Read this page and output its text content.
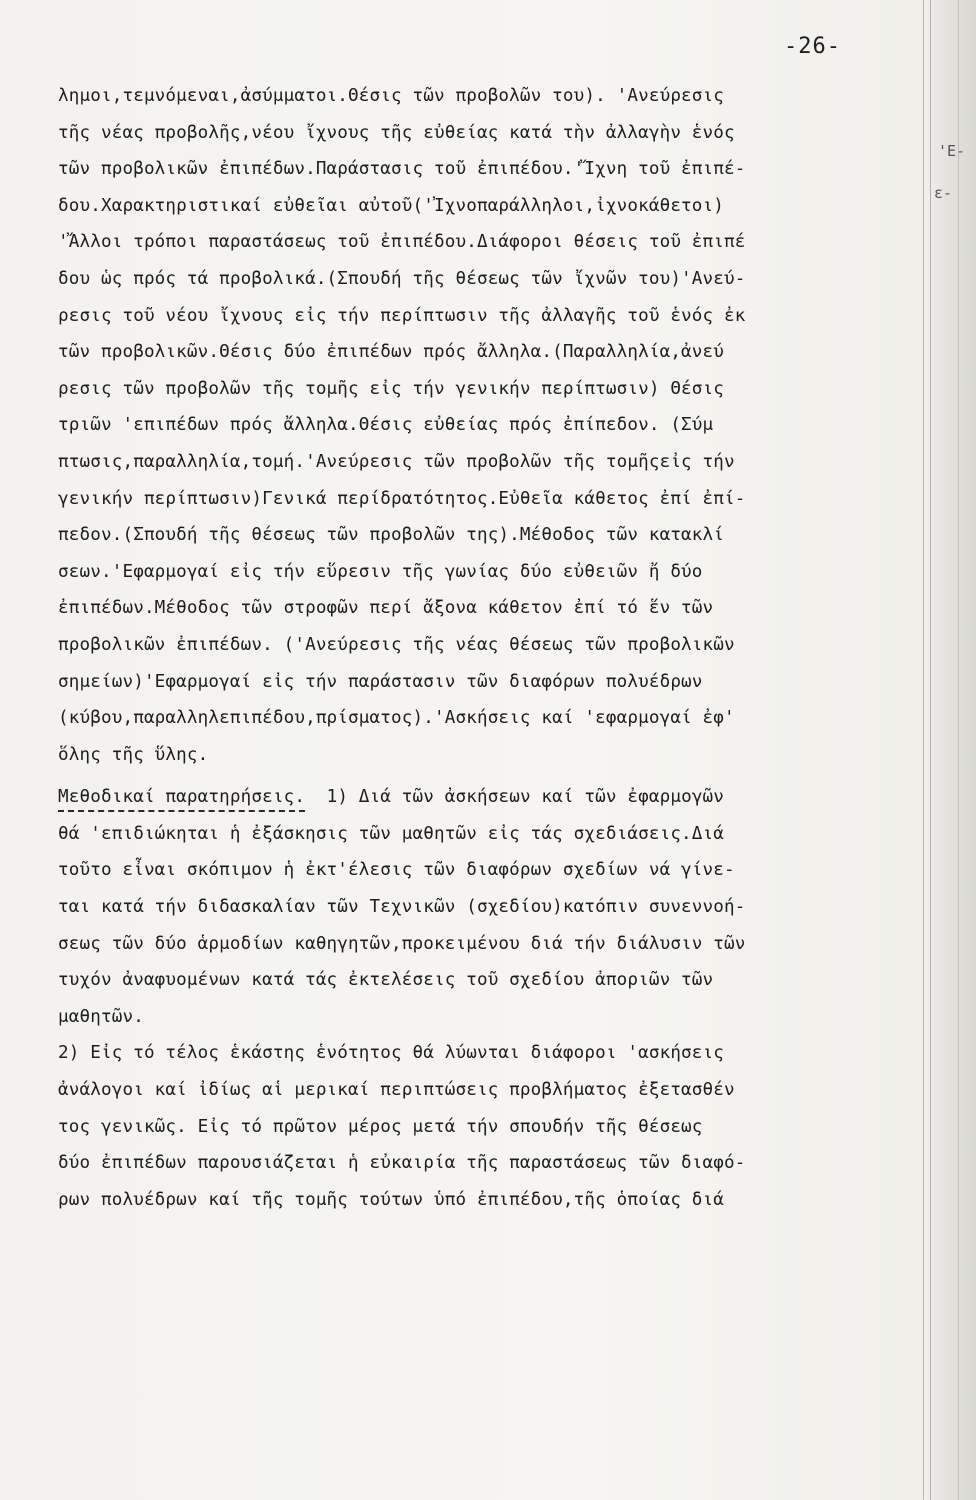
-26-
'Ε-
ε-
λημοι,τεμνόμεναι,ἀσύμματοι.Θέσις τῶν προβολῶν του). 'Ανεύρεσις
τῆς νέας προβολῆς,νέου ἴχνους τῆς εὐθείας κατά τὴν ἀλλαγὴν ἑνός
τῶν προβολικῶν ἐπιπέδων.Παράστασις τοῦ ἐπιπέδου.'Ἴχνη τοῦ ἐπιπέ-
δου.Χαρακτηριστικαί εὐθεῖαι αὐτοῦ('Ἰχνοπαράλληλοι,ἰχνοκάθετοι)
'Ἄλλοι τρόποι παραστάσεως τοῦ ἐπιπέδου.Διάφοροι θέσεις τοῦ ἐπιπέ
δου ὡς πρός τά προβολικά.(Σπουδή τῆς θέσεως τῶν ἴχνῶν του)'Ανεύ-
ρεσις τοῦ νέου ἴχνους εἰς τήν περίπτωσιν τῆς ἀλλαγῆς τοῦ ἑνός ἐκ
τῶν προβολικῶν.Θέσις δύο ἐπιπέδων πρός ἄλληλα.(Παραλληλία,ἀνεύ
ρεσις τῶν προβολῶν τῆς τομῆς εἰς τήν γενικήν περίπτωσιν) Θέσις
τριῶν 'επιπέδων πρός ἄλληλα.Θέσις εὐθείας πρός ἐπίπεδον. (Σύμ
πτωσις,παραλληλία,τομή.'Ανεύρεσις τῶν προβολῶν τῆς τομῆςεἰς τήν
γενικήν περίπτωσιν)Γενικά περίδρατότητος.Εὐθεῖα κάθετος ἐπί ἐπί-
πεδον.(Σπουδή τῆς θέσεως τῶν προβολῶν της).Μέθοδος τῶν κατακλί
σεων.'Εφαρμογαί εἰς τήν εὕρεσιν τῆς γωνίας δύο εὐθειῶν ἤ δύο
ἐπιπέδων.Μέθοδος τῶν στροφῶν περί ἄξονα κάθετον ἐπί τό ἕν τῶν
προβολικῶν ἐπιπέδων. ('Ανεύρεσις τῆς νέας θέσεως τῶν προβολικῶν
σημείων)'Εφαρμογαί εἰς τήν παράστασιν τῶν διαφόρων πολυέδρων
(κύβου,παραλληλεπιπέδου,πρίσματος).'Ασκήσεις καί 'εφαρμογαί ἐφ'
ὅλης τῆς ὕλης.
Μεθοδικαί παρατηρήσεις. 1) Διά τῶν ἀσκήσεων καί τῶν ἐφαρμογῶν
θά 'επιδιώκηται ἡ ἐξάσκησις τῶν μαθητῶν εἰς τάς σχεδιάσεις.Διά
τοῦτο εἶναι σκόπιμον ἡ ἐκτ'έλεσις τῶν διαφόρων σχεδίων νά γίνε-
ται κατά τήν διδασκαλίαν τῶν Τεχνικῶν (σχεδίου)κατόπιν συνεννοή-
σεως τῶν δύο ἁρμοδίων καθηγητῶν,προκειμένου διά τήν διάλυσιν τῶν
τυχόν ἀναφυομένων κατά τάς ἐκτελέσεις τοῦ σχεδίου ἀποριῶν τῶν
μαθητῶν.
2) Εἰς τό τέλος ἑκάστης ἑνότητος θά λύωνται διάφοροι 'ασκήσεις
ἀνάλογοι καί ἰδίως αἱ μερικαί περιπτώσεις προβλήματος ἐξετασθέν
τος γενικῶς. Εἰς τό πρῶτον μέρος μετά τήν σπουδήν τῆς θέσεως
δύο ἐπιπέδων παρουσιάζεται ἡ εὐκαιρία τῆς παραστάσεως τῶν διαφό-
ρων πολυέδρων καί τῆς τομῆς τούτων ὑπό ἐπιπέδου,τῆς ὁποίας διά
